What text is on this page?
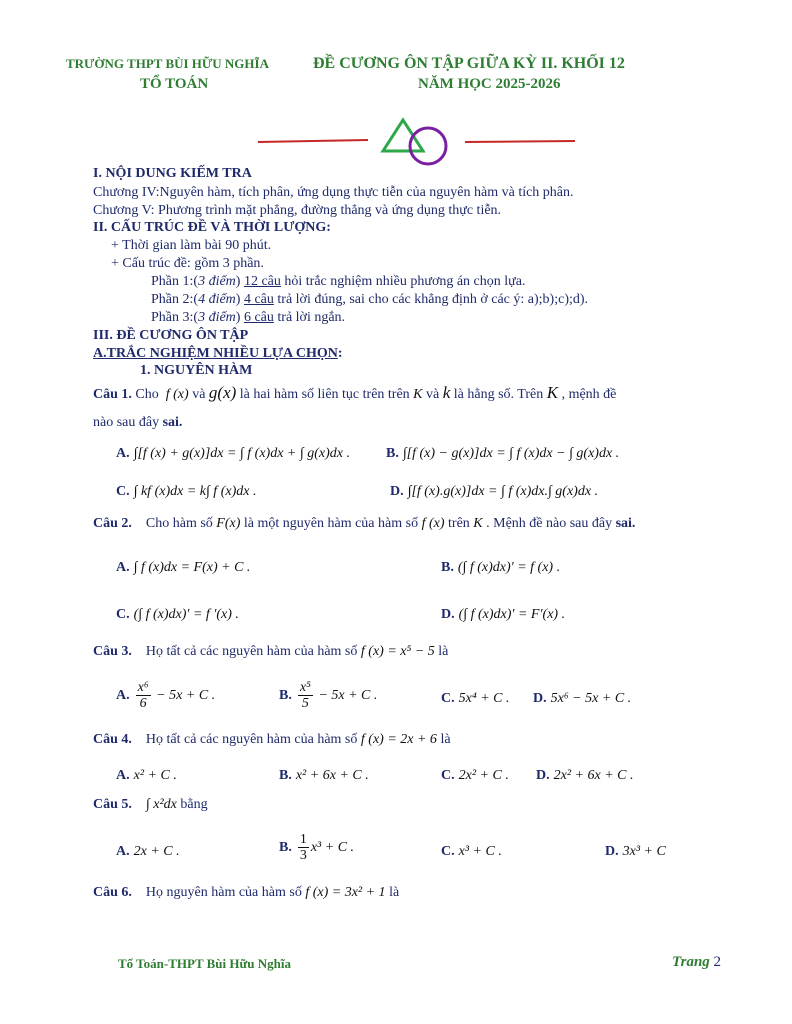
TRƯỜNG THPT BÙI HỮU NGHĨA
TỔ TOÁN
ĐỀ CƯƠNG ÔN TẬP GIỮA KỲ II. KHỐI 12
NĂM HỌC 2025-2026
I. NỘI DUNG KIẾM TRA
Chương IV:Nguyên hàm, tích phân, ứng dụng thực tiễn của nguyên hàm và tích phân.
Chương V: Phương trình mặt phẳng, đường thẳng và ứng dụng thực tiễn.
II. CẤU TRÚC ĐỀ VÀ THỜI LƯỢNG:
+ Thời gian làm bài 90 phút.
+ Cấu trúc đề: gồm 3 phần.
Phần 1:(3 điểm) 12 câu hỏi trắc nghiệm nhiều phương án chọn lựa.
Phần 2:(4 điểm) 4 câu trả lời đúng, sai cho các khẳng định ở các ý: a);b);c);d).
Phần 3:(3 điểm) 6 câu trả lời ngắn.
III. ĐỀ CƯƠNG ÔN TẬP
A.TRẮC NGHIỆM NHIỀU LỰA CHỌN:
1. NGUYÊN HÀM
Câu 1. Cho  f (x) và g(x) là hai hàm số liên tục trên trên K và k là hằng số. Trên K , mệnh đề
nào sau đây sai.
A. ∫[f (x) + g(x)]dx = ∫ f (x)dx + ∫ g(x)dx .	B. ∫[f (x) − g(x)]dx = ∫ f (x)dx − ∫ g(x)dx .
C. ∫ kf (x)dx = k∫ f (x)dx .	D. ∫[f (x).g(x)]dx = ∫ f (x)dx.∫ g(x)dx .
Câu 2. Cho hàm số F(x) là một nguyên hàm của hàm số f (x) trên K . Mệnh đề nào sau đây sai.
A. ∫ f (x)dx = F(x) + C .	B. (∫ f (x)dx)′ = f (x) .
C. (∫ f (x)dx)′ = f ′(x) .	D. (∫ f (x)dx)′ = F′(x) .
Câu 3. Họ tất cả các nguyên hàm của hàm số f (x) = x⁵ − 5 là
A. $\frac{\text{x⁶}}{6} - 5x + C$ .	B. $\frac{\text{x⁵}}{5} - 5x + C$ .	C. 5x⁴ + C . D. 5x⁶ − 5x + C .
Câu 4. Họ tất cả các nguyên hàm của hàm số f (x) = 2x + 6 là
A. x² + C .	B. x² + 6x + C .	C. 2x² + C . D. 2x² + 6x + C .
Câu 5. ∫ x²dx bằng
A. 2x + C .	B. $\frac{1}{3} x^3 + C$ .	C. x³ + C .	D. 3x³ + C
Câu 6. Họ nguyên hàm của hàm số f (x) = 3x² + 1 là
Tổ Toán-THPT Bùi Hữu Nghĩa	Trang 2
